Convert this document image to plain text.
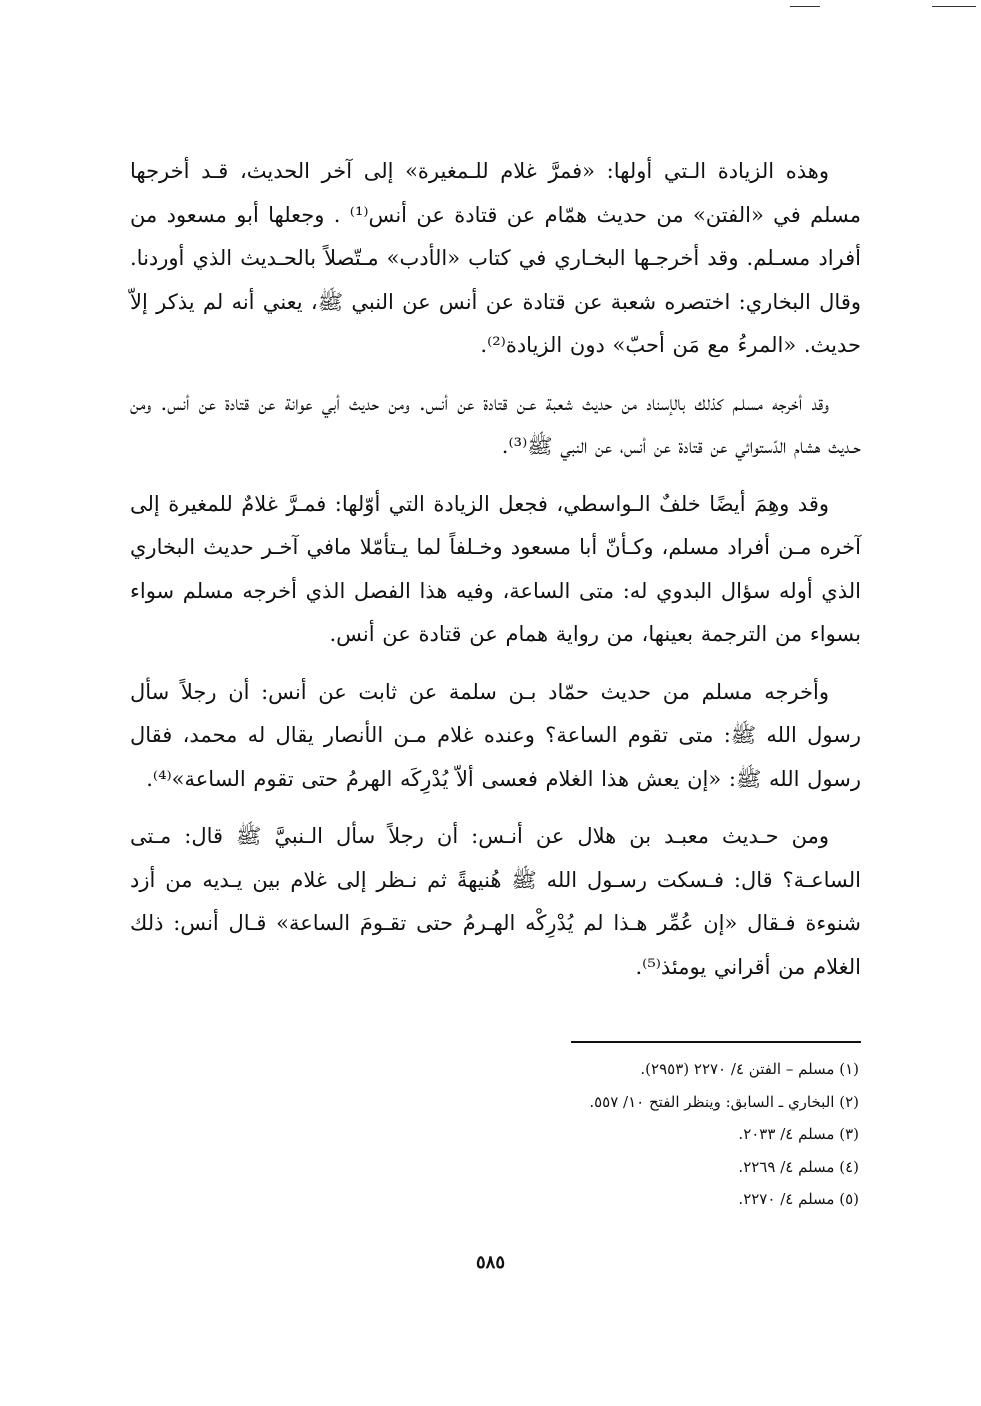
وهذه الزيادة الـتي أولها: «فمرَّ غلام للـمغيرة» إلى آخر الحديث، قـد أخرجها مسلم في «الفتن» من حديث همّام عن قتادة عن أنس⁽¹⁾ . وجعلها أبو مسعود من أفراد مسـلم. وقد أخرجـها البخـاري في كتاب «الأدب» مـتّصلاً بالحـديث الذي أوردنا. وقال البخاري: اختصره شعبة عن قتادة عن أنس عن النبي ﷺ، يعني أنه لم يذكر إلاّ حديث. «المرءُ مع مَن أحبّ» دون الزيادة⁽²⁾.

وقد أخرجه مسلـم كذلك بالإسناد من حديث شعبة عـن قتادة عن أنس. ومن حديث أبي عوانة عن قتادة عن أنس. ومن حـديث هشام الدّستوائي عن قتادة عن أنس، عن النبي ﷺ⁽³⁾.

وقد وهِمَ أيضًا خلفٌ الـواسطي، فجعل الزيادة التي أوّلها: فمـرَّ غلامٌ للمغيرة إلى آخره مـن أفراد مسلم، وكـأنّ أبا مسعود وخـلفاً لما يـتأمّلا مافي آخـر حديث البخاري الذي أوله سؤال البدوي له: متى الساعة، وفيه هذا الفصل الذي أخرجه مسلم سواء بسواء من الترجمة بعينها، من رواية همام عن قتادة عن أنس.

وأخرجه مسلم من حديث حمّاد بـن سلمة عن ثابت عن أنس: أن رجلاً سأل رسول الله ﷺ: متى تقوم الساعة؟ وعنده غلام مـن الأنصار يقال له محمد، فقال رسول الله ﷺ: «إن يعش هذا الغلام فعسى ألاّ يُدْرِكَه الهرمُ حتى تقوم الساعة»⁽⁴⁾.

ومن حـديث معبـد بن هلال عن أنـس: أن رجلاً سأل الـنبيَّ ﷺ قال: مـتى الساعـة؟ قال: فـسكت رسـول الله ﷺ هُنيهةً ثم نـظر إلى غلام بين يـديه من أزد شنوءة فـقال «إن عُمِّر هـذا لم يُدْرِكْه الهـرمُ حتى تقـومَ الساعة» قـال أنس: ذلك الغلام من أقراني يومئذ⁽⁵⁾.

(١) مسلم – الفتن ٤/ ٢٢٧٠ (٢٩٥٣).
(٢) البخاري ـ السابق: وينظر الفتح ١٠/ ٥٥٧.
(٣) مسلم ٤/ ٢٠٣٣.
(٤) مسلم ٤/ ٢٢٦٩.
(٥) مسلم ٤/ ٢٢٧٠.
٥٨٥
